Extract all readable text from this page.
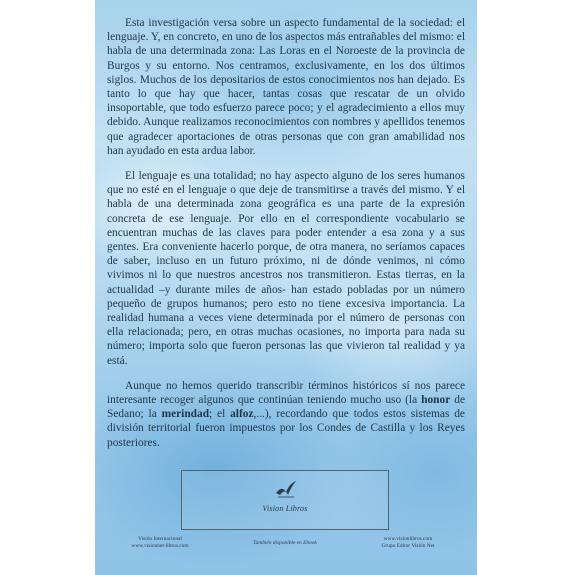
Esta investigación versa sobre un aspecto fundamental de la sociedad: el lenguaje. Y, en concreto, en uno de los aspectos más entrañables del mismo: el habla de una determinada zona: Las Loras en el Noroeste de la provincia de Burgos y su entorno. Nos centramos, exclusivamente, en los dos últimos siglos. Muchos de los depositarios de estos conocimientos nos han dejado. Es tanto lo que hay que hacer, tantas cosas que rescatar de un olvido insoportable, que todo esfuerzo parece poco; y el agradecimiento a ellos muy debido. Aunque realizamos reconocimientos con nombres y apellidos tenemos que agradecer aportaciones de otras personas que con gran amabilidad nos han ayudado en esta ardua labor.

El lenguaje es una totalidad; no hay aspecto alguno de los seres humanos que no esté en el lenguaje o que deje de transmitirse a través del mismo. Y el habla de una determinada zona geográfica es una parte de la expresión concreta de ese lenguaje. Por ello en el correspondiente vocabulario se encuentran muchas de las claves para poder entender a esa zona y a sus gentes. Era conveniente hacerlo porque, de otra manera, no seríamos capaces de saber, incluso en un futuro próximo, ni de dónde venimos, ni cómo vivimos ni lo que nuestros ancestros nos transmitieron. Estas tierras, en la actualidad –y durante miles de años- han estado pobladas por un número pequeño de grupos humanos; pero esto no tiene excesiva importancia. La realidad humana a veces viene determinada por el número de personas con ella relacionada; pero, en otras muchas ocasiones, no importa para nada su número; importa solo que fueron personas las que vivieron tal realidad y ya está.

Aunque no hemos querido transcribir términos históricos sí nos parece interesante recoger algunos que continúan teniendo mucho uso (la honor de Sedano; la merindad; el alfoz,...), recordando que todos estos sistemas de división territorial fueron impuestos por los Condes de Castilla y los Reyes posteriores.

Vision Libros
Visión Internacional
www.visionnet-libros.com	También disponible en Ebook
www.visionlibros.com
Grupo Editor Visión Net
